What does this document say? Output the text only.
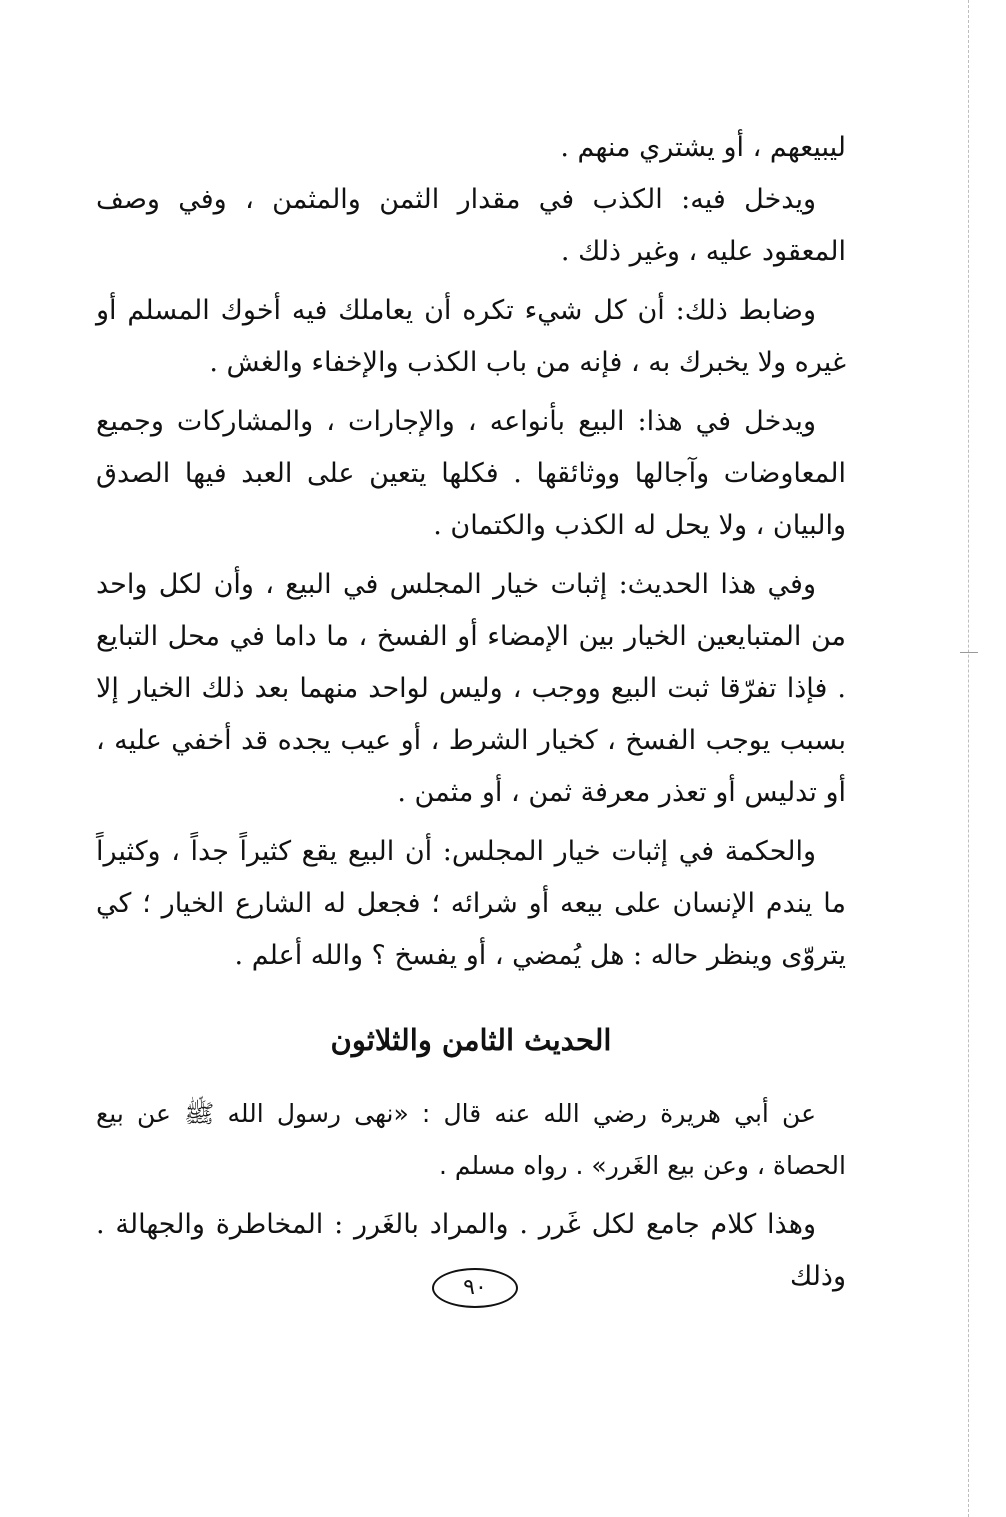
ليبيعهم ، أو يشتري منهم .

ويدخل فيه: الكذب في مقدار الثمن والمثمن ، وفي وصف المعقود عليه ، وغير ذلك .

وضابط ذلك: أن كل شيء تكره أن يعاملك فيه أخوك المسلم أو غيره ولا يخبرك به ، فإنه من باب الكذب والإخفاء والغش .

ويدخل في هذا: البيع بأنواعه ، والإجارات ، والمشاركات وجميع المعاوضات وآجالها ووثائقها . فكلها يتعين على العبد فيها الصدق والبيان ، ولا يحل له الكذب والكتمان .

وفي هذا الحديث: إثبات خيار المجلس في البيع ، وأن لكل واحد من المتبايعين الخيار بين الإمضاء أو الفسخ ، ما داما في محل التبايع . فإذا تفرّقا ثبت البيع ووجب ، وليس لواحد منهما بعد ذلك الخيار إلا بسبب يوجب الفسخ ، كخيار الشرط ، أو عيب يجده قد أخفي عليه ، أو تدليس أو تعذر معرفة ثمن ، أو مثمن .

والحكمة في إثبات خيار المجلس: أن البيع يقع كثيراً جداً ، وكثيراً ما يندم الإنسان على بيعه أو شرائه ؛ فجعل له الشارع الخيار ؛ كي يتروّى وينظر حاله : هل يُمضي ، أو يفسخ ؟ والله أعلم .

الحديث الثامن والثلاثون

عن أبي هريرة رضي الله عنه قال : «نهى رسول الله ﷺ عن بيع الحصاة ، وعن بيع الغَرر» . رواه مسلم .

وهذا كلام جامع لكل غَرر . والمراد بالغَرر : المخاطرة والجهالة . وذلك

٩٠
